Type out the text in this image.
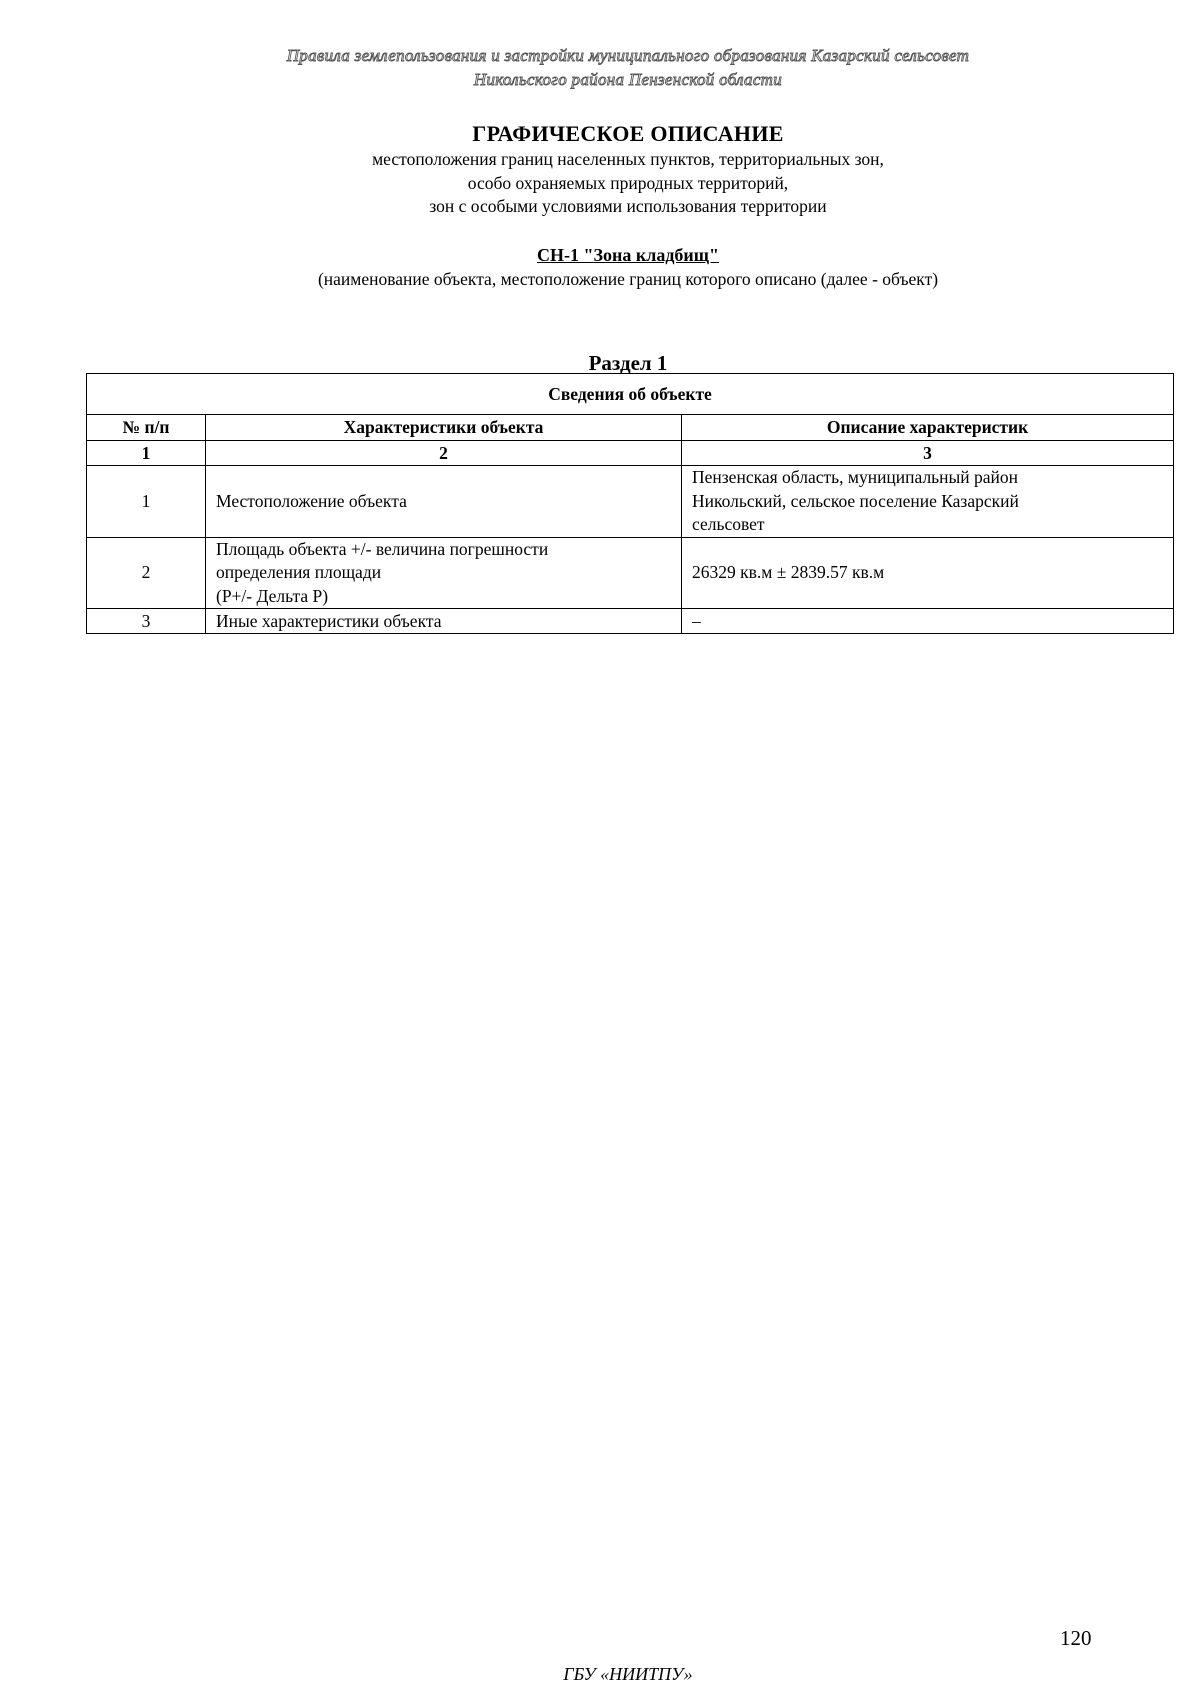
Правила землепользования и застройки муниципального образования Казарский сельсовет
Никольского района Пензенской области

ГРАФИЧЕСКОЕ ОПИСАНИЕ

местоположения границ населенных пунктов, территориальных зон,

особо охраняемых природных территорий,

зон с особыми условиями использования территории

СН-1 "Зона кладбищ"
(наименование объекта, местоположение границ которого описано (далее - объект)
Раздел 1
Сведения об объекте		
№ п/п	Характеристики объекта	Описание характеристик
1	2	3
1	Местоположение объекта	Пензенская область, муниципальный район
Никольский, сельское поселение Казарский
сельсовет

2	Площадь объекта +/- величина погрешности
определения площади
(Р+/- Дельта Р)	26329 кв.м ± 2839.57 кв.м

3	Иные характеристики объекта	–
120
ГБУ «НИИТПУ»
